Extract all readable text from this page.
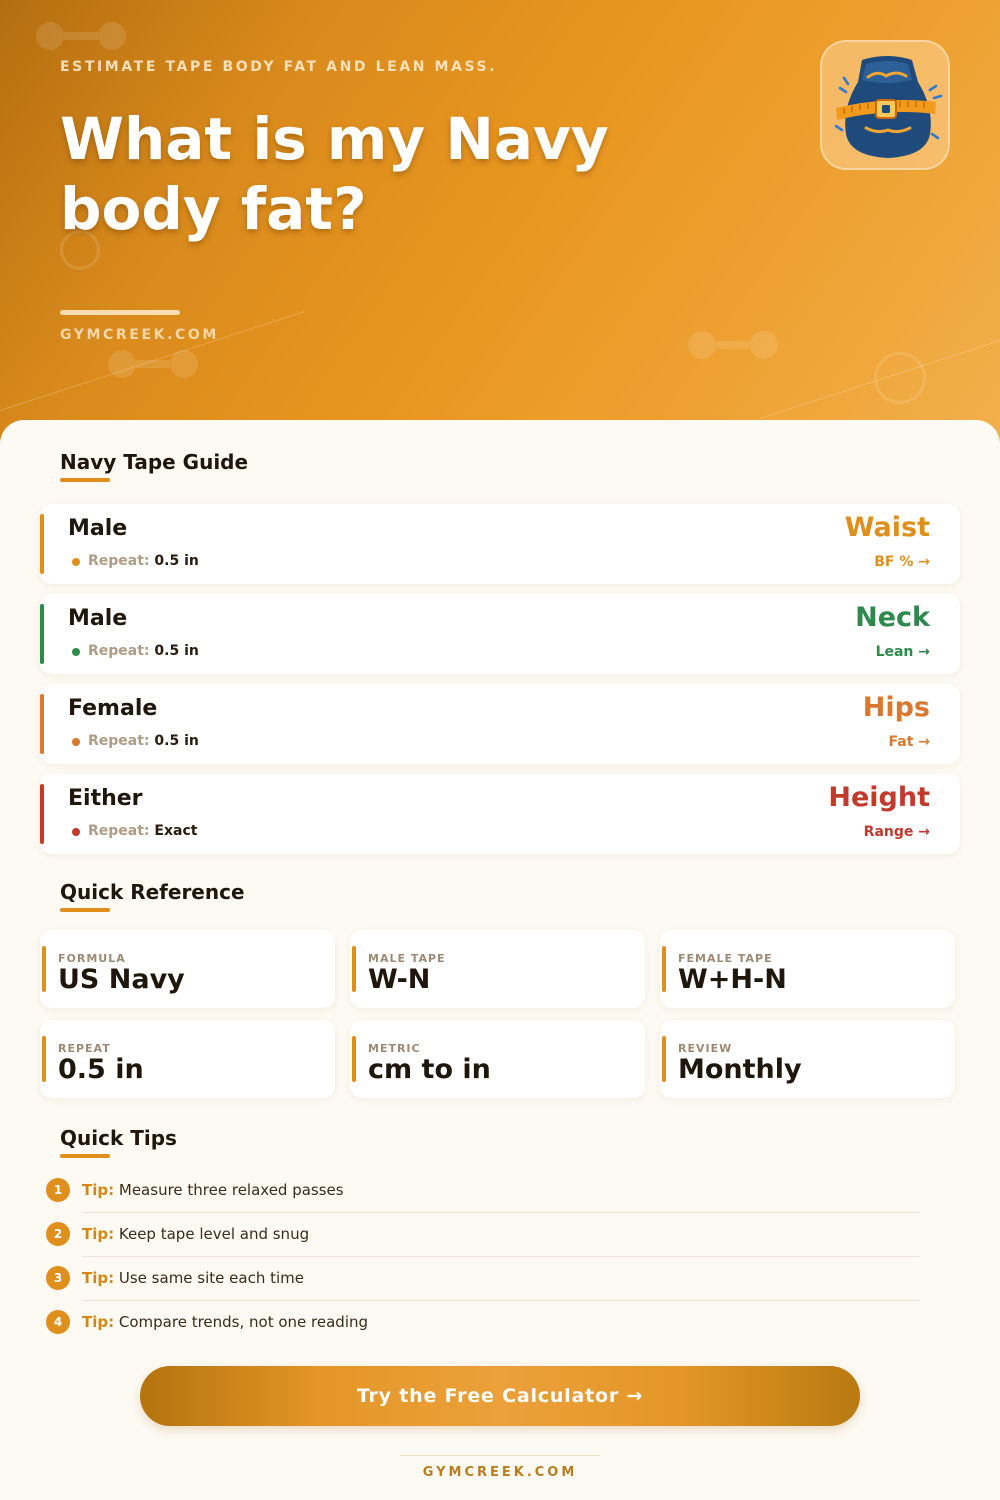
ESTIMATE TAPE BODY FAT AND LEAN MASS.
What is my Navy body fat?
GYMCREEK.COM
Navy Tape Guide
Male
Repeat: 0.5 in
Waist
BF % →
Male
Repeat: 0.5 in
Neck
Lean →
Female
Repeat: 0.5 in
Hips
Fat →
Either
Repeat: Exact
Height
Range →
Quick Reference
FORMULA
US Navy
MALE TAPE
W-N
FEMALE TAPE
W+H-N
REPEAT
0.5 in
METRIC
cm to in
REVIEW
Monthly
Quick Tips
1	Tip: Measure three relaxed passes
2	Tip: Keep tape level and snug
3	Tip: Use same site each time
4	Tip: Compare trends, not one reading
Try the Free Calculator →
GYMCREEK.COM
